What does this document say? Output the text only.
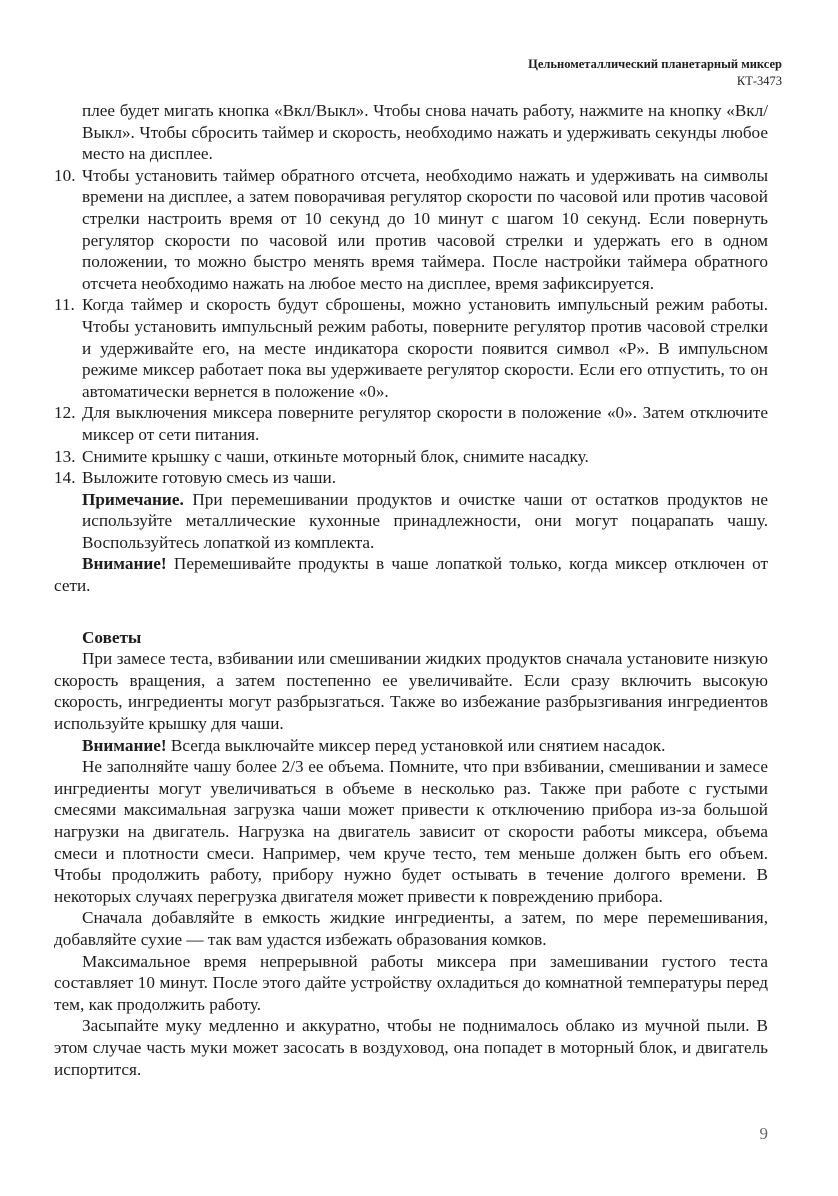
Цельнометаллический планетарный миксер
КТ-3473

плее будет мигать кнопка «Вкл/Выкл». Чтобы снова начать работу, нажмите на кнопку «Вкл/Выкл». Чтобы сбросить таймер и скорость, необходимо нажать и удерживать секунды любое место на дисплее.

10. Чтобы установить таймер обратного отсчета, необходимо нажать и удерживать на символы времени на дисплее, а затем поворачивая регулятор скорости по часовой или против часовой стрелки настроить время от 10 секунд до 10 минут с шагом 10 секунд. Если повернуть регулятор скорости по часовой или против часовой стрелки и удержать его в одном положении, то можно быстро менять время таймера. После настройки таймера обратного отсчета необходимо нажать на любое место на дисплее, время зафиксируется.
11. Когда таймер и скорость будут сброшены, можно установить импульсный режим работы. Чтобы установить импульсный режим работы, поверните регулятор против часовой стрелки и удерживайте его, на месте индикатора скорости появится символ «P». В импульсном режиме миксер работает пока вы удерживаете регулятор скорости. Если его отпустить, то он автоматически вернется в положение «0».
12. Для выключения миксера поверните регулятор скорости в положение «0». Затем отключите миксер от сети питания.
13. Снимите крышку с чаши, откиньте моторный блок, снимите насадку.
14. Выложите готовую смесь из чаши.

Примечание. При перемешивании продуктов и очистке чаши от остатков продуктов не используйте металлические кухонные принадлежности, они могут поцарапать чашу. Воспользуйтесь лопаткой из комплекта.

Внимание! Перемешивайте продукты в чаше лопаткой только, когда миксер отключен от сети.

Советы

При замесе теста, взбивании или смешивании жидких продуктов сначала установите низкую скорость вращения, а затем постепенно ее увеличивайте. Если сразу включить высокую скорость, ингредиенты могут разбрызгаться. Также во избежание разбрызгивания ингредиентов используйте крышку для чаши.

Внимание! Всегда выключайте миксер перед установкой или снятием насадок.

Не заполняйте чашу более 2/3 ее объема. Помните, что при взбивании, смешивании и замесе ингредиенты могут увеличиваться в объеме в несколько раз. Также при работе с густыми смесями максимальная загрузка чаши может привести к отключению прибора из-за большой нагрузки на двигатель. Нагрузка на двигатель зависит от скорости работы миксера, объема смеси и плотности смеси. Например, чем круче тесто, тем меньше должен быть его объем. Чтобы продолжить работу, прибору нужно будет остывать в течение долгого времени. В некоторых случаях перегрузка двигателя может привести к повреждению прибора.

Сначала добавляйте в емкость жидкие ингредиенты, а затем, по мере перемешивания, добавляйте сухие — так вам удастся избежать образования комков.

Максимальное время непрерывной работы миксера при замешивании густого теста составляет 10 минут. После этого дайте устройству охладиться до комнатной температуры перед тем, как продолжить работу.

Засыпайте муку медленно и аккуратно, чтобы не поднималось облако из мучной пыли. В этом случае часть муки может засосать в воздуховод, она попадет в моторный блок, и двигатель испортится.

9
